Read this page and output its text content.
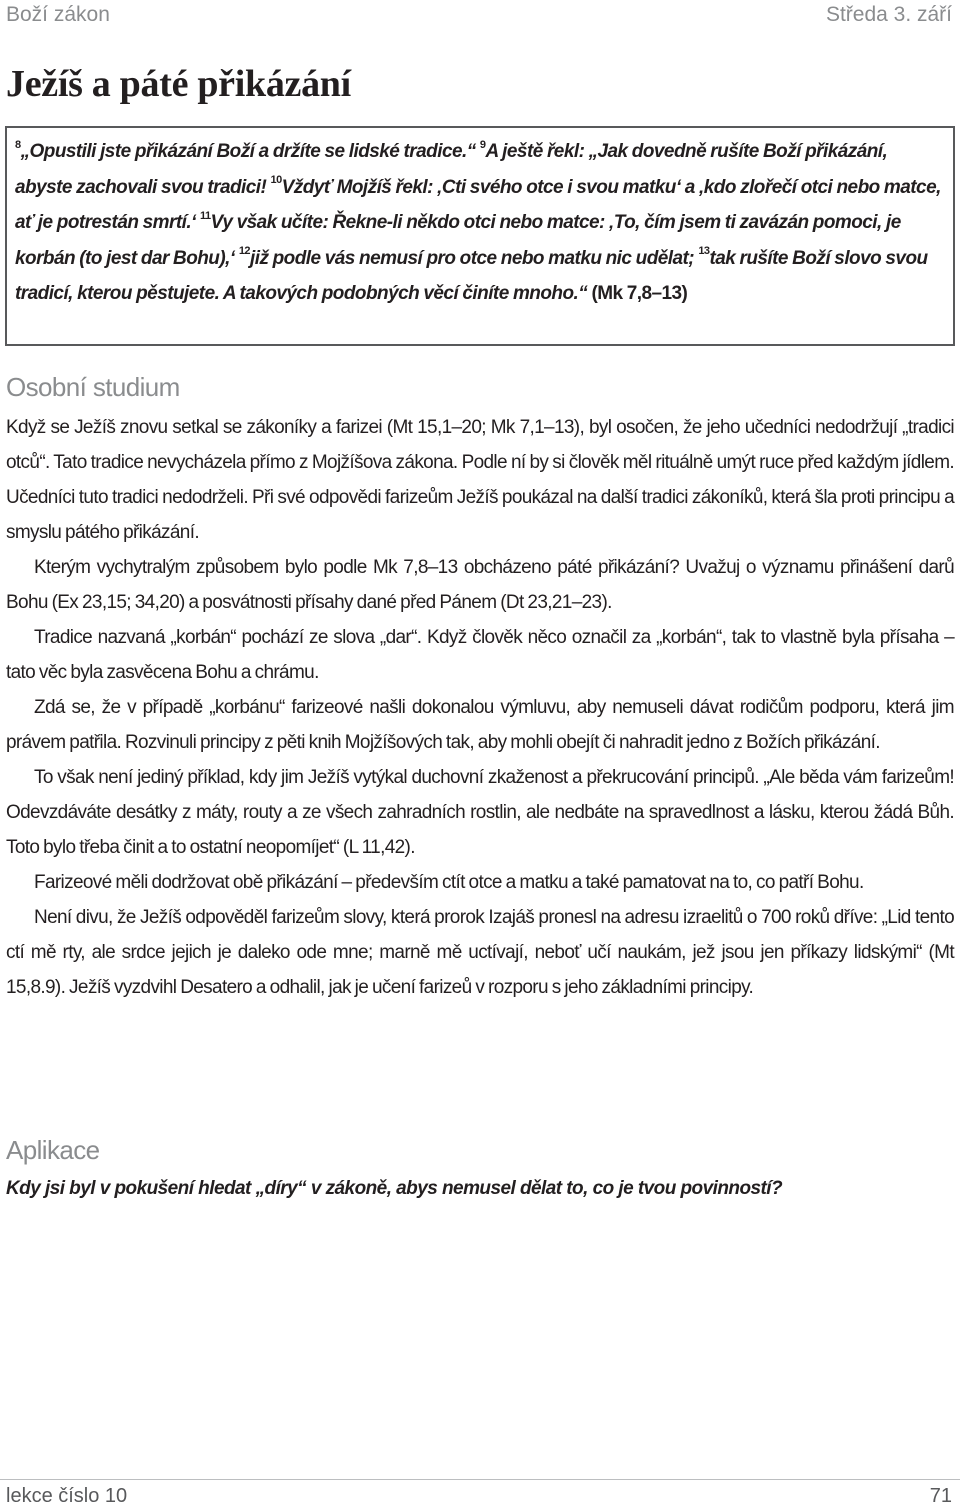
Boží zákon	Středa 3. září
Ježíš a páté přikázání
$^8$„Opustili jste přikázání Boží a držíte se lidské tradice.“ $^9$A ještě řekl: „Jak dovedně rušíte Boží přikázání, abyste zachovali svou tradici! $^{10}$Vždyť Mojžíš řekl: ‚Cti svého otce i svou matku‘ a ‚kdo zlořečí otci nebo matce, ať je potrestán smrtí.‘ $^{11}$Vy však učíte: Řekne-li někdo otci nebo matce: ‚To, čím jsem ti zavázán pomoci, je korbán (to jest dar Bohu),‘ $^{12}$již podle vás nemusí pro otce nebo matku nic udělat; $^{13}$tak rušíte Boží slovo svou tradicí, kterou pěstujete. A takových podobných věcí činíte mnoho.“ (Mk 7,8–13)
Osobní studium

Když se Ježíš znovu setkal se zákoníky a farizei (Mt 15,1–20; Mk 7,1–13), byl osočen, že jeho učedníci nedodržují „tradici otců“. Tato tradice nevycházela přímo z Mojžíšova zákona. Podle ní by si člověk měl rituálně umýt ruce před každým jídlem. Učedníci tuto tradici nedodrželi. Při své odpovědi farizeům Ježíš poukázal na další tradici zákoníků, která šla proti principu a smyslu pátého přikázání.

Kterým vychytralým způsobem bylo podle Mk 7,8–13 obcházeno páté přikázání? Uvažuj o významu přinášení darů Bohu (Ex 23,15; 34,20) a posvátnosti přísahy dané před Pánem (Dt 23,21–23).

Tradice nazvaná „korbán“ pochází ze slova „dar“. Když člověk něco označil za „korbán“, tak to vlastně byla přísaha – tato věc byla zasvěcena Bohu a chrámu.

Zdá se, že v případě „korbánu“ farizeové našli dokonalou výmluvu, aby nemuseli dávat rodičům podporu, která jim právem patřila. Rozvinuli principy z pěti knih Mojžíšových tak, aby mohli obejít či nahradit jedno z Božích přikázání.

To však není jediný příklad, kdy jim Ježíš vytýkal duchovní zkaženost a překrucování principů. „Ale běda vám farizeům! Odevzdáváte desátky z máty, routy a ze všech zahradních rostlin, ale nedbáte na spravedlnost a lásku, kterou žádá Bůh. Toto bylo třeba činit a to ostatní neopomíjet“ (L 11,42).

Farizeové měli dodržovat obě přikázání – především ctít otce a matku a také pamatovat na to, co patří Bohu.

Není divu, že Ježíš odpověděl farizeům slovy, která prorok Izajáš pronesl na adresu izraelitů o 700 roků dříve: „Lid tento ctí mě rty, ale srdce jejich je daleko ode mne; marně mě uctívají, neboť učí naukám, jež jsou jen příkazy lidskými“ (Mt 15,8.9). Ježíš vyzdvihl Desatero a odhalil, jak je učení farizeů v rozporu s jeho základními principy.

Aplikace

Kdy jsi byl v pokušení hledat „díry“ v zákoně, abys nemusel dělat to, co je tvou povinností?

lekce číslo 10	71
